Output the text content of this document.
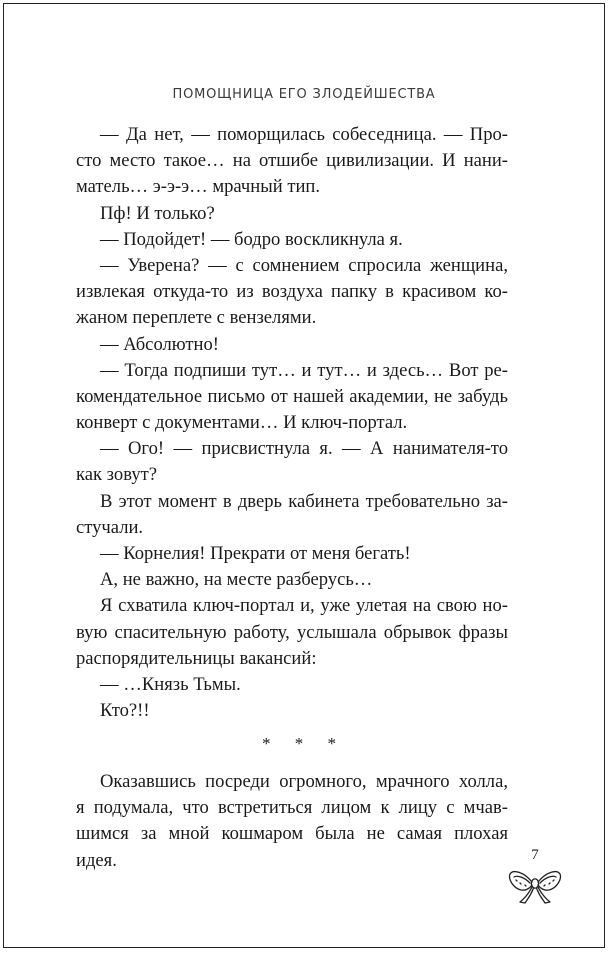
ПОМОЩНИЦА ЕГО ЗЛОДЕЙШЕСТВА
— Да нет, — поморщилась собеседница. — Про-
сто место такое… на отшибе цивилизации. И нани-
матель… э-э-э… мрачный тип.
Пф! И только?
— Подойдет! — бодро воскликнула я.
— Уверена? — с сомнением спросила женщина,
извлекая откуда-то из воздуха папку в красивом ко-
жаном переплете с вензелями.
— Абсолютно!
— Тогда подпиши тут… и тут… и здесь… Вот ре-
комендательное письмо от нашей академии, не забудь
конверт с документами… И ключ-портал.
— Ого! — присвистнула я. — А нанимателя-то
как зовут?
В этот момент в дверь кабинета требовательно за-
стучали.
— Корнелия! Прекрати от меня бегать!
А, не важно, на месте разберусь…
Я схватила ключ-портал и, уже улетая на свою но-
вую спасительную работу, услышала обрывок фразы
распорядительницы вакансий:
— …Князь Тьмы.
Кто?!!
* * *
Оказавшись посреди огромного, мрачного холла,
я подумала, что встретиться лицом к лицу с мчав-
шимся за мной кошмаром была не самая плохая
идея.	7
